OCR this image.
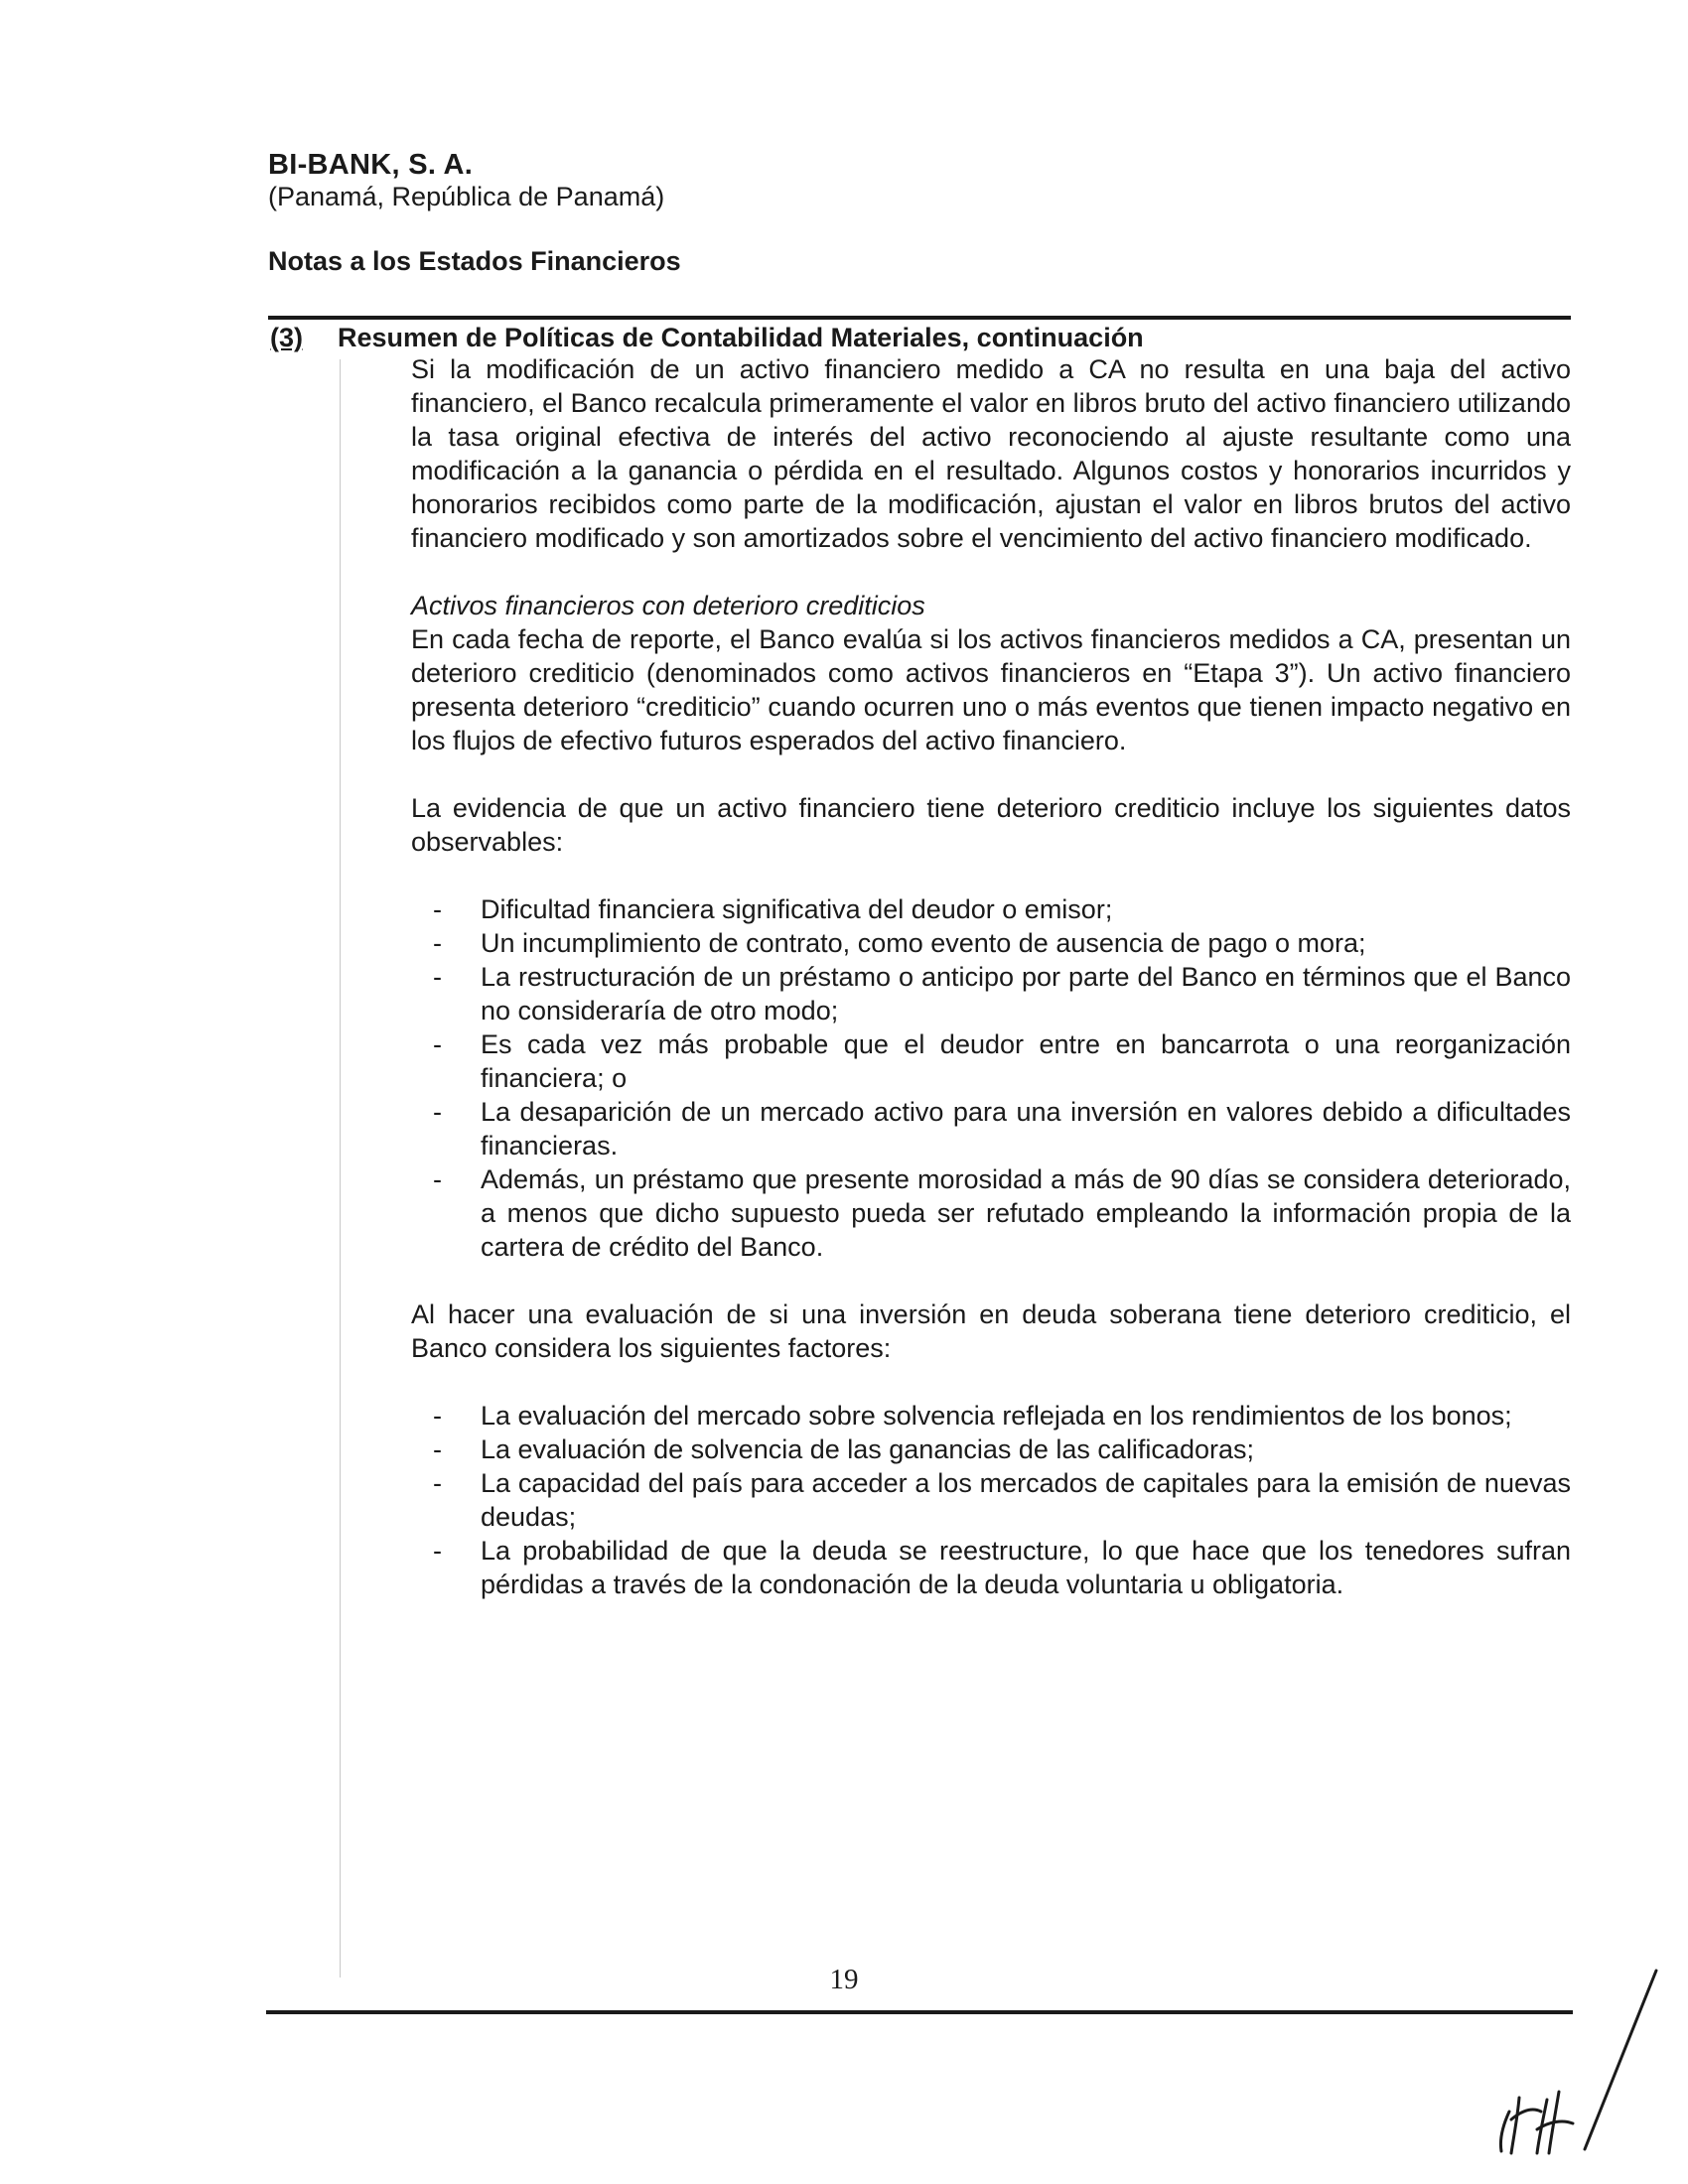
BI-BANK, S. A.
(Panamá, República de Panamá)
Notas a los Estados Financieros
(3) Resumen de Políticas de Contabilidad Materiales, continuación

Si la modificación de un activo financiero medido a CA no resulta en una baja del activo financiero, el Banco recalcula primeramente el valor en libros bruto del activo financiero utilizando la tasa original efectiva de interés del activo reconociendo al ajuste resultante como una modificación a la ganancia o pérdida en el resultado. Algunos costos y honorarios incurridos y honorarios recibidos como parte de la modificación, ajustan el valor en libros brutos del activo financiero modificado y son amortizados sobre el vencimiento del activo financiero modificado.

Activos financieros con deterioro crediticios

En cada fecha de reporte, el Banco evalúa si los activos financieros medidos a CA, presentan un deterioro crediticio (denominados como activos financieros en “Etapa 3”). Un activo financiero presenta deterioro “crediticio” cuando ocurren uno o más eventos que tienen impacto negativo en los flujos de efectivo futuros esperados del activo financiero.

La evidencia de que un activo financiero tiene deterioro crediticio incluye los siguientes datos observables:

- Dificultad financiera significativa del deudor o emisor;
- Un incumplimiento de contrato, como evento de ausencia de pago o mora;
- La restructuración de un préstamo o anticipo por parte del Banco en términos que el Banco no consideraría de otro modo;
- Es cada vez más probable que el deudor entre en bancarrota o una reorganización financiera; o
- La desaparición de un mercado activo para una inversión en valores debido a dificultades financieras.
- Además, un préstamo que presente morosidad a más de 90 días se considera deteriorado, a menos que dicho supuesto pueda ser refutado empleando la información propia de la cartera de crédito del Banco.

Al hacer una evaluación de si una inversión en deuda soberana tiene deterioro crediticio, el Banco considera los siguientes factores:

- La evaluación del mercado sobre solvencia reflejada en los rendimientos de los bonos;
- La evaluación de solvencia de las ganancias de las calificadoras;
- La capacidad del país para acceder a los mercados de capitales para la emisión de nuevas deudas;
- La probabilidad de que la deuda se reestructure, lo que hace que los tenedores sufran pérdidas a través de la condonación de la deuda voluntaria u obligatoria.
19
